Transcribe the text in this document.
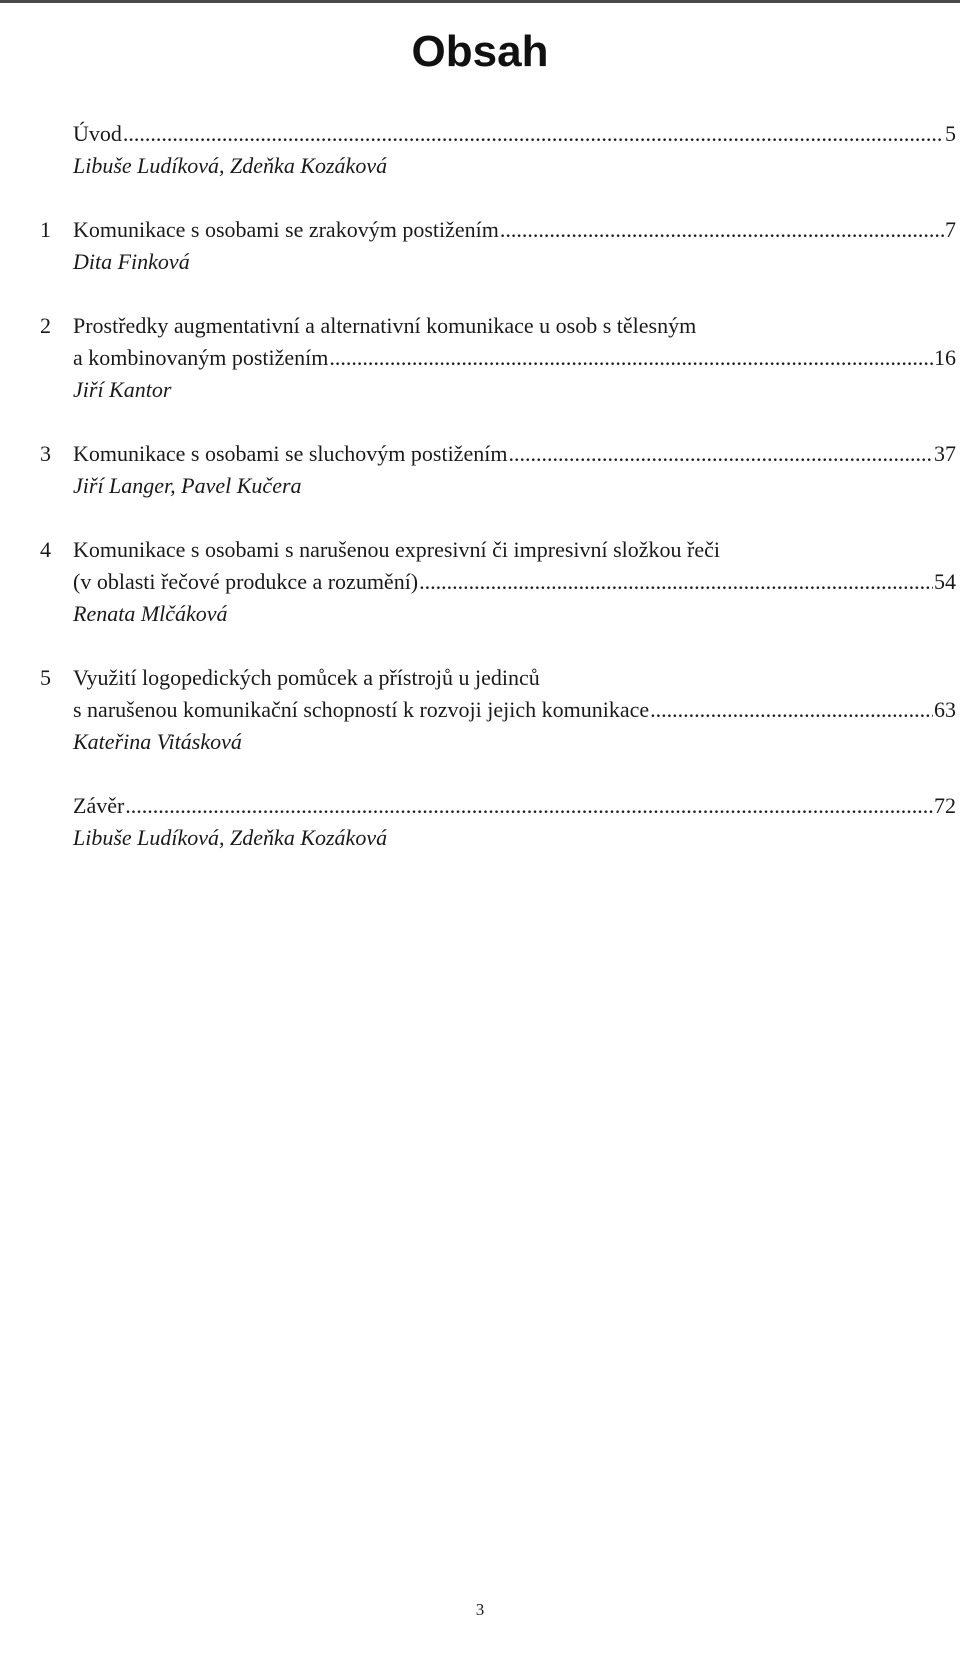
Obsah
Úvod .....	5
Libuše Ludíková, Zdeňka Kozáková
1	Komunikace s osobami se zrakovým postižením .....	7
Dita Finková
2	Prostředky augmentativní a alternativní komunikace u osob s tělesným
a kombinovaným postižením .....	16
Jiří Kantor
3	Komunikace s osobami se sluchovým postižením .....	37
Jiří Langer, Pavel Kučera
4	Komunikace s osobami s narušenou expresivní či impresivní složkou řeči
(v oblasti řečové produkce a rozumění) .....	54
Renata Mlčáková
5	Využití logopedických pomůcek a přístrojů u jedinců
s narušenou komunikační schopností k rozvoji jejich komunikace .....	63
Kateřina Vitásková
Závěr .....	72
Libuše Ludíková, Zdeňka Kozáková
3
